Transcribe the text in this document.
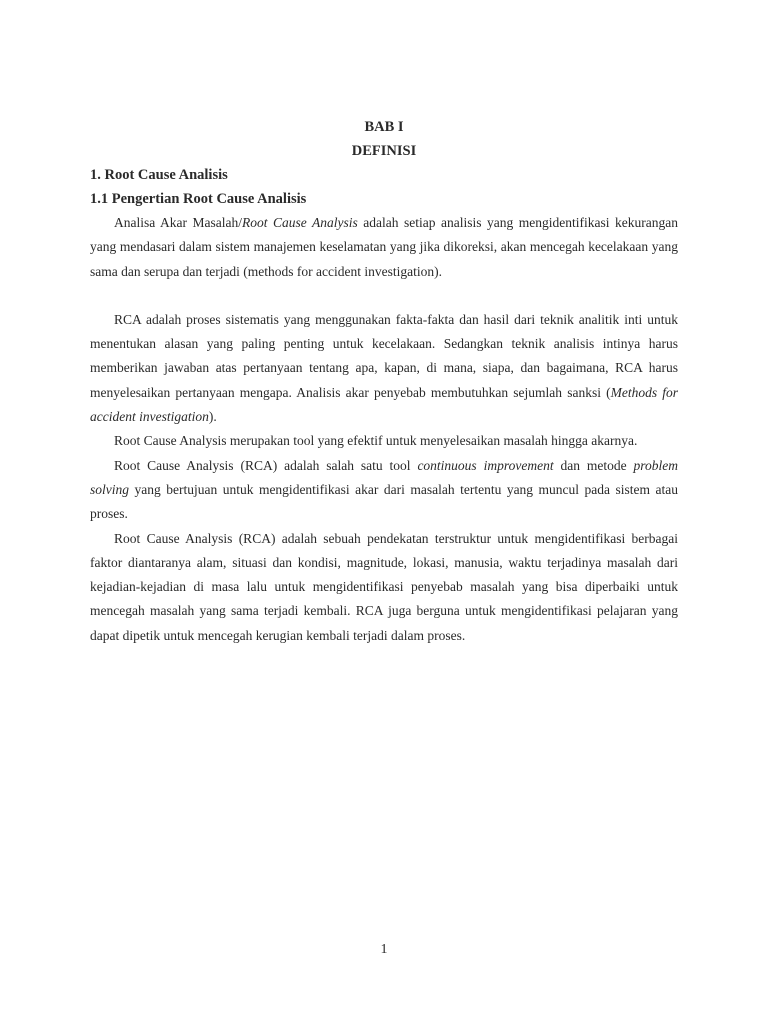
BAB I
DEFINISI
1. Root Cause Analisis
1.1 Pengertian Root Cause Analisis

Analisa Akar Masalah/Root Cause Analysis adalah setiap analisis yang mengidentifikasi kekurangan yang mendasari dalam sistem manajemen keselamatan yang jika dikoreksi, akan mencegah kecelakaan yang sama dan serupa dan terjadi (methods for accident investigation).

RCA adalah proses sistematis yang menggunakan fakta-fakta dan hasil dari teknik analitik inti untuk menentukan alasan yang paling penting untuk kecelakaan. Sedangkan teknik analisis intinya harus memberikan jawaban atas pertanyaan tentang apa, kapan, di mana, siapa, dan bagaimana, RCA harus menyelesaikan pertanyaan mengapa. Analisis akar penyebab membutuhkan sejumlah sanksi (Methods for accident investigation).

Root Cause Analysis merupakan tool yang efektif untuk menyelesaikan masalah hingga akarnya.

Root Cause Analysis (RCA) adalah salah satu tool continuous improvement dan metode problem solving yang bertujuan untuk mengidentifikasi akar dari masalah tertentu yang muncul pada sistem atau proses.

Root Cause Analysis (RCA) adalah sebuah pendekatan terstruktur untuk mengidentifikasi berbagai faktor diantaranya alam, situasi dan kondisi, magnitude, lokasi, manusia, waktu terjadinya masalah dari kejadian-kejadian di masa lalu untuk mengidentifikasi penyebab masalah yang bisa diperbaiki untuk mencegah masalah yang sama terjadi kembali. RCA juga berguna untuk mengidentifikasi pelajaran yang dapat dipetik untuk mencegah kerugian kembali terjadi dalam proses.

1
